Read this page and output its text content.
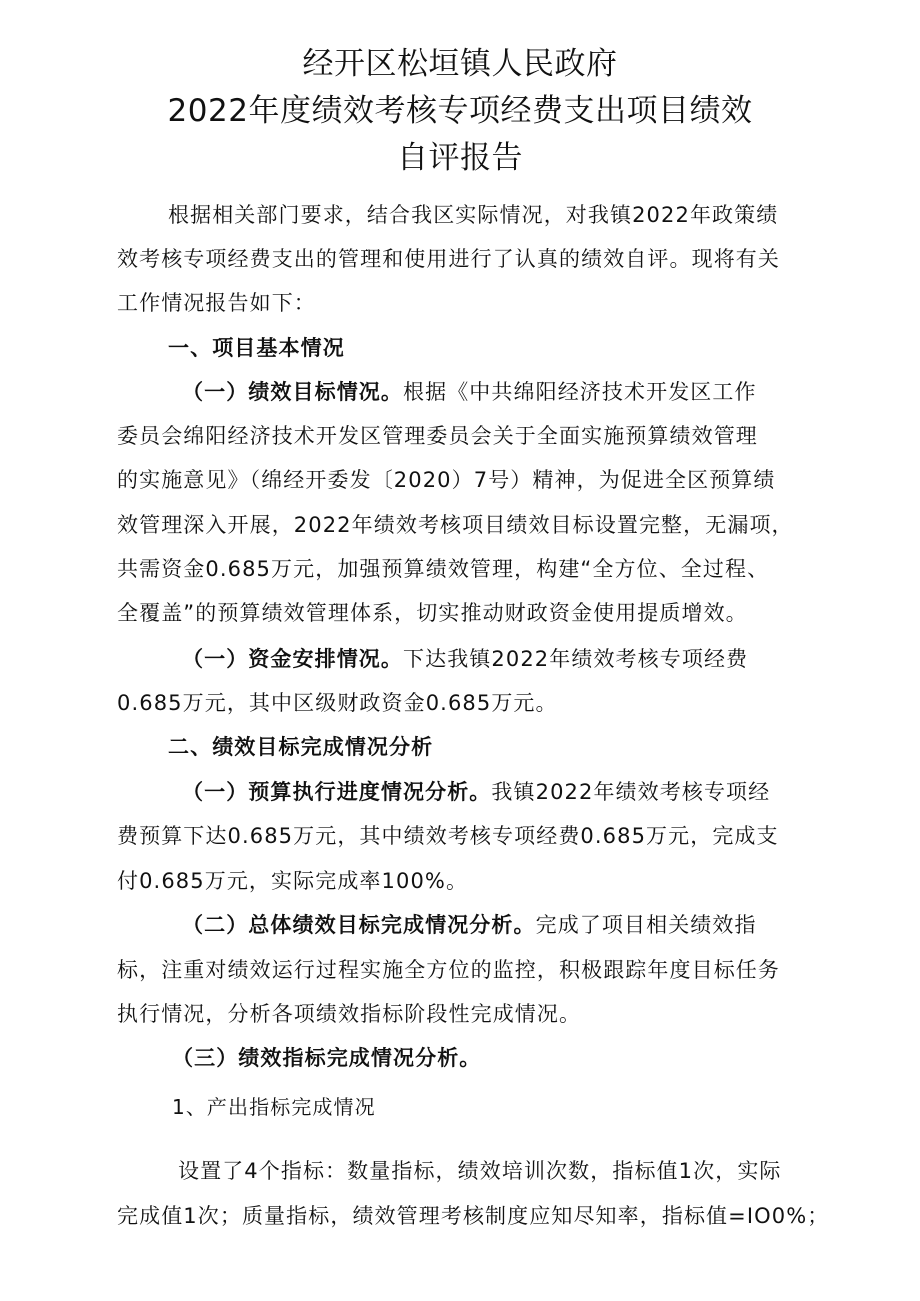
经开区松垣镇人民政府
2022年度绩效考核专项经费支出项目绩效
自评报告
根据相关部门要求，结合我区实际情况，对我镇2022年政策绩
效考核专项经费支出的管理和使用进行了认真的绩效自评。现将有关
工作情况报告如下：
一、项目基本情况
（一）绩效目标情况。根据《中共绵阳经济技术开发区工作
委员会绵阳经济技术开发区管理委员会关于全面实施预算绩效管理
的实施意见》（绵经开委发〔2020）7号）精神，为促进全区预算绩
效管理深入开展，2022年绩效考核项目绩效目标设置完整，无漏项，
共需资金0.685万元，加强预算绩效管理，构建“全方位、全过程、
全覆盖”的预算绩效管理体系，切实推动财政资金使用提质增效。
（一）资金安排情况。下达我镇2022年绩效考核专项经费
0.685万元，其中区级财政资金0.685万元。
二、绩效目标完成情况分析
（一）预算执行进度情况分析。我镇2022年绩效考核专项经
费预算下达0.685万元，其中绩效考核专项经费0.685万元，完成支
付0.685万元，实际完成率100%。
（二）总体绩效目标完成情况分析。完成了项目相关绩效指
标，注重对绩效运行过程实施全方位的监控，积极跟踪年度目标任务
执行情况，分析各项绩效指标阶段性完成情况。
（三）绩效指标完成情况分析。
1、产出指标完成情况
设置了4个指标：数量指标，绩效培训次数，指标值1次，实际
完成值1次；质量指标，绩效管理考核制度应知尽知率，指标值=IO0%；
